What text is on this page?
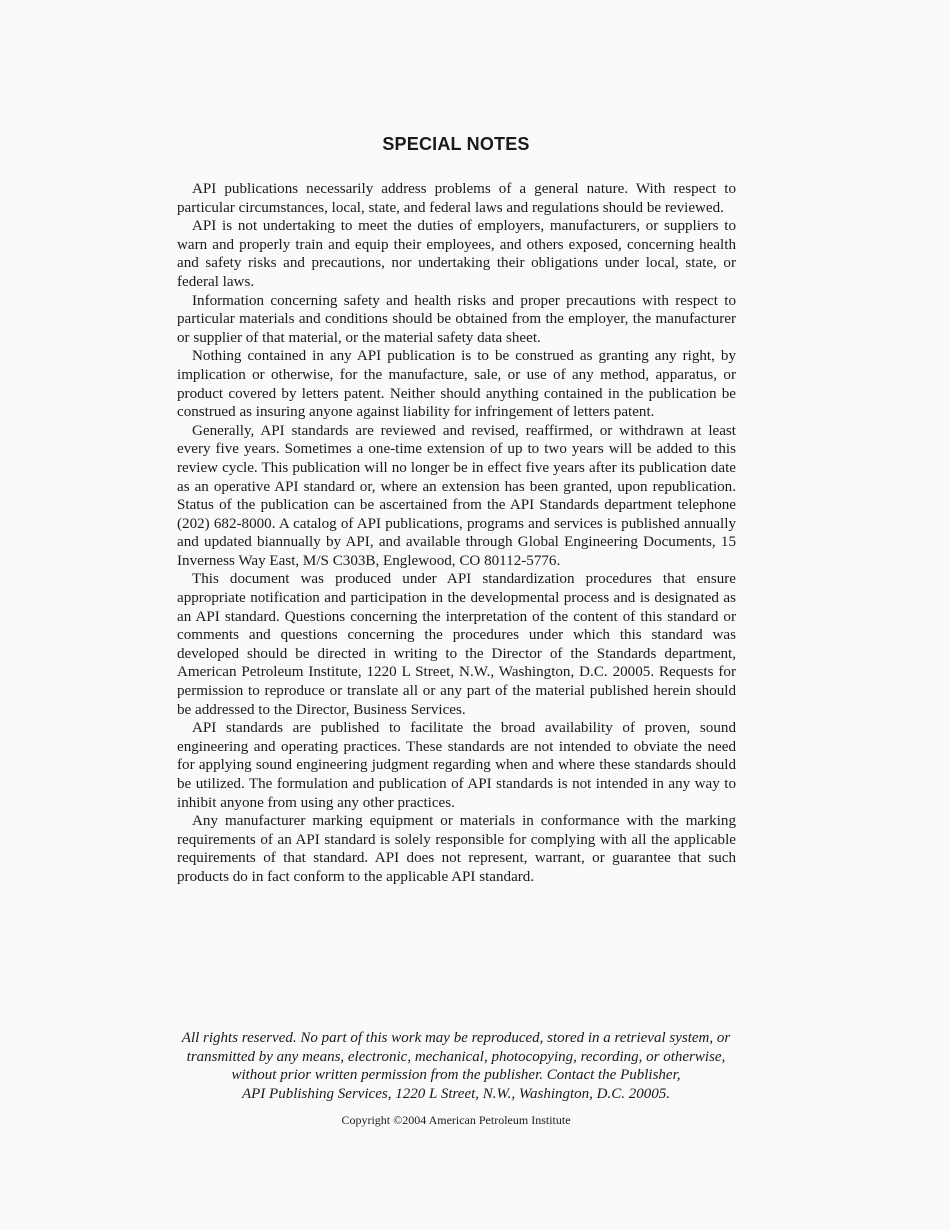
SPECIAL NOTES

API publications necessarily address problems of a general nature. With respect to particular circumstances, local, state, and federal laws and regulations should be reviewed.

API is not undertaking to meet the duties of employers, manufacturers, or suppliers to warn and properly train and equip their employees, and others exposed, concerning health and safety risks and precautions, nor undertaking their obligations under local, state, or federal laws.

Information concerning safety and health risks and proper precautions with respect to particular materials and conditions should be obtained from the employer, the manufacturer or supplier of that material, or the material safety data sheet.

Nothing contained in any API publication is to be construed as granting any right, by implication or otherwise, for the manufacture, sale, or use of any method, apparatus, or product covered by letters patent. Neither should anything contained in the publication be construed as insuring anyone against liability for infringement of letters patent.

Generally, API standards are reviewed and revised, reaffirmed, or withdrawn at least every five years. Sometimes a one-time extension of up to two years will be added to this review cycle. This publication will no longer be in effect five years after its publication date as an operative API standard or, where an extension has been granted, upon republication. Status of the publication can be ascertained from the API Standards department telephone (202) 682-8000. A catalog of API publications, programs and services is published annually and updated biannually by API, and available through Global Engineering Documents, 15 Inverness Way East, M/S C303B, Englewood, CO 80112-5776.

This document was produced under API standardization procedures that ensure appropriate notification and participation in the developmental process and is designated as an API standard. Questions concerning the interpretation of the content of this standard or comments and questions concerning the procedures under which this standard was developed should be directed in writing to the Director of the Standards department, American Petroleum Institute, 1220 L Street, N.W., Washington, D.C. 20005. Requests for permission to reproduce or translate all or any part of the material published herein should be addressed to the Director, Business Services.

API standards are published to facilitate the broad availability of proven, sound engineering and operating practices. These standards are not intended to obviate the need for applying sound engineering judgment regarding when and where these standards should be utilized. The formulation and publication of API standards is not intended in any way to inhibit anyone from using any other practices.

Any manufacturer marking equipment or materials in conformance with the marking requirements of an API standard is solely responsible for complying with all the applicable requirements of that standard. API does not represent, warrant, or guarantee that such products do in fact conform to the applicable API standard.

All rights reserved. No part of this work may be reproduced, stored in a retrieval system, or
transmitted by any means, electronic, mechanical, photocopying, recording, or otherwise,
without prior written permission from the publisher. Contact the Publisher,
API Publishing Services, 1220 L Street, N.W., Washington, D.C. 20005.
Copyright ©2004 American Petroleum Institute
